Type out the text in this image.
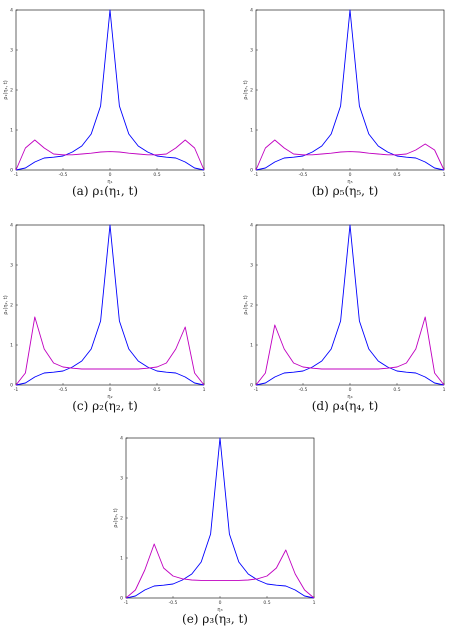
-1	-0.5	0	0.5	1
0
1
2
3
4
η₁
ρ₁(η₁, t)
(a) ρ₁(η₁, t)
-1	-0.5	0	0.5	1
0
1
2
3
4
η₅
ρ₅(η₅, t)
(b) ρ₅(η₅, t)
-1	-0.5	0	0.5	1
0
1
2
3
4
η₂
ρ₂(η₂, t)
(c) ρ₂(η₂, t)
-1	-0.5	0	0.5	1
0
1
2
3
4
η₄
ρ₄(η₄, t)
(d) ρ₄(η₄, t)
-1	-0.5	0	0.5	1
0
1
2
3
4
η₃
ρ₃(η₃, t)
(e) ρ₃(η₃, t)
